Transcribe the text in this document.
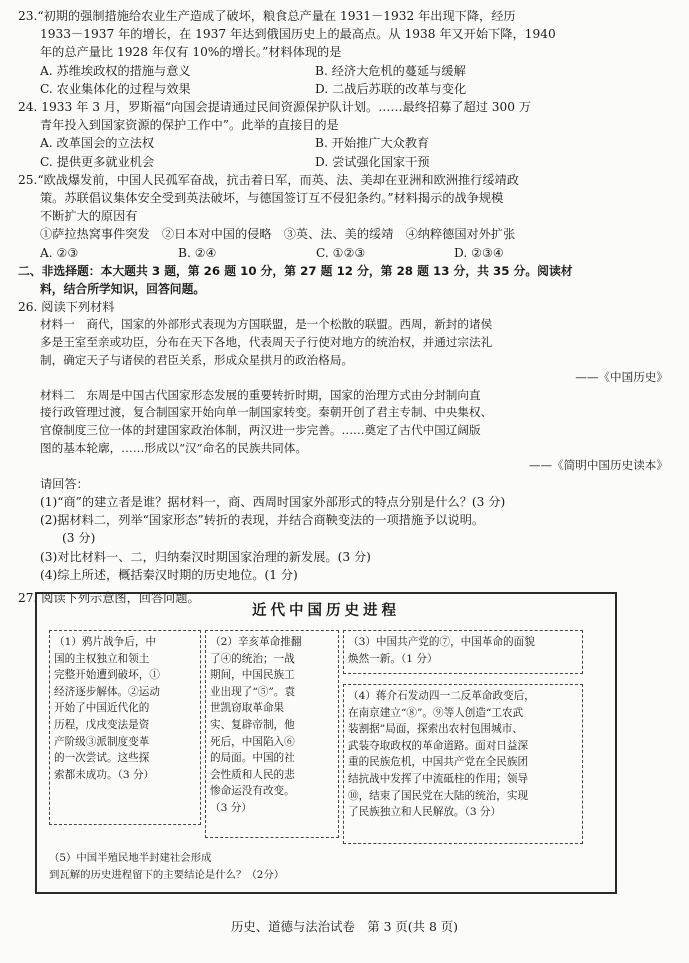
23.“初期的强制措施给农业生产造成了破坏，粮食总产量在 1931－1932 年出现下降，经历
1933－1937 年的增长，在 1937 年达到俄国历史上的最高点。从 1938 年又开始下降，1940
年的总产量比 1928 年仅有 10%的增长。”材料体现的是
A. 苏维埃政权的措施与意义	B. 经济大危机的蔓延与缓解
C. 农业集体化的过程与效果	D. 二战后苏联的改革与变化
24. 1933 年 3 月，罗斯福“向国会提请通过民间资源保护队计划。……最终招募了超过 300 万
青年投入到国家资源的保护工作中”。此举的直接目的是
A. 改革国会的立法权	B. 开始推广大众教育
C. 提供更多就业机会	D. 尝试强化国家干预
25.“欧战爆发前，中国人民孤军奋战，抗击着日军，而英、法、美却在亚洲和欧洲推行绥靖政
策。苏联倡议集体安全受到英法破坏，与德国签订互不侵犯条约。”材料揭示的战争规模
不断扩大的原因有
①萨拉热窝事件突发　②日本对中国的侵略　③英、法、美的绥靖　④纳粹德国对外扩张
A. ②③	B. ②④	C. ①②③	D. ②③④
二、非选择题：本大题共 3 题，第 26 题 10 分，第 27 题 12 分，第 28 题 13 分，共 35 分。阅读材
料，结合所学知识，回答问题。
26. 阅读下列材料
材料一　商代，国家的外部形式表现为方国联盟，是一个松散的联盟。西周，新封的诸侯
多是王室至亲或功臣，分布在天下各地，代表周天子行使对地方的统治权，并通过宗法礼
制，确定天子与诸侯的君臣关系，形成众星拱月的政治格局。
——《中国历史》
材料二　东周是中国古代国家形态发展的重要转折时期，国家的治理方式由分封制向直
接行政管理过渡，复合制国家开始向单一制国家转变。秦朝开创了君主专制、中央集权、
官僚制度三位一体的封建国家政治体制，两汉进一步完善。……奠定了古代中国辽阔版
图的基本轮廓，……形成以“汉”命名的民族共同体。
——《简明中国历史读本》
请回答：
(1)“商”的建立者是谁？据材料一，商、西周时国家外部形式的特点分别是什么？(3 分)
(2)据材料二，列举“国家形态”转折的表现，并结合商鞅变法的一项措施予以说明。
(3 分)
(3)对比材料一、二，归纳秦汉时期国家治理的新发展。(3 分)
(4)综上所述，概括秦汉时期的历史地位。(1 分)
27. 阅读下列示意图，回答问题。
近代中国历史进程
（1）鸦片战争后，中
国的主权独立和领土
完整开始遭到破坏，①
经济逐步解体。②运动
开始了中国近代化的
历程，戊戌变法是资
产阶级③派制度变革
的一次尝试。这些探
索都未成功。（3 分）
（2）辛亥革命推翻
了④的统治；一战
期间，中国民族工
业出现了“⑤”。袁
世凯窃取革命果
实、复辟帝制，他
死后，中国陷入⑥
的局面。中国的社
会性质和人民的悲
惨命运没有改变。
（3 分）
（3）中国共产党的⑦，中国革命的面貌
焕然一新。（1 分）
（4）蒋介石发动四一二反革命政变后，
在南京建立“⑧”。⑨等人创造“工农武
装割据”局面，探索出农村包围城市、
武装夺取政权的革命道路。面对日益深
重的民族危机，中国共产党在全民族团
结抗战中发挥了中流砥柱的作用；领导
⑩，结束了国民党在大陆的统治，实现
了民族独立和人民解放。（3 分）
（5）中国半殖民地半封建社会形成
到瓦解的历史进程留下的主要结论是什么？（2分）
历史、道德与法治试卷　第 3 页(共 8 页)
